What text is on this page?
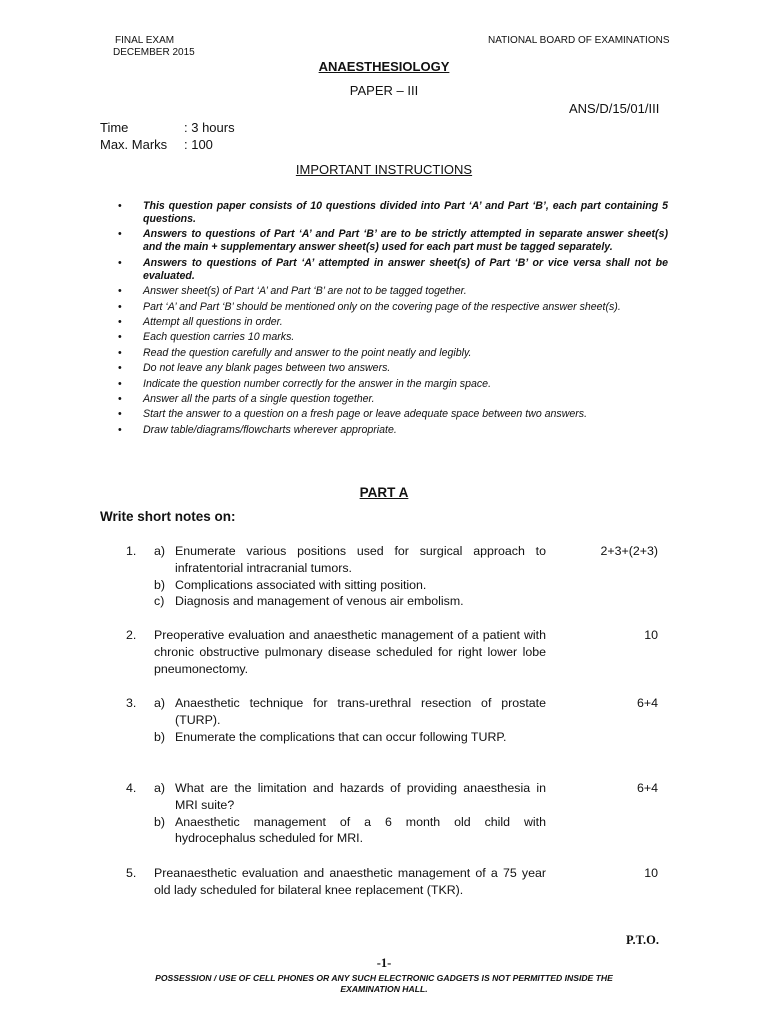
FINAL EXAM
DECEMBER 2015
NATIONAL BOARD OF EXAMINATIONS
ANAESTHESIOLOGY
PAPER – III
ANS/D/15/01/III
Time	: 3 hours
Max. Marks : 100
IMPORTANT INSTRUCTIONS
• This question paper consists of 10 questions divided into Part ‘A’ and Part ‘B’, each part containing 5 questions.
• Answers to questions of Part ‘A’ and Part ‘B’ are to be strictly attempted in separate answer sheet(s) and the main + supplementary answer sheet(s) used for each part must be tagged separately.
• Answers to questions of Part ‘A’ attempted in answer sheet(s) of Part ‘B’ or vice versa shall not be evaluated.
• Answer sheet(s) of Part ‘A’ and Part ‘B’ are not to be tagged together.
• Part ‘A’ and Part ‘B’ should be mentioned only on the covering page of the respective answer sheet(s).
• Attempt all questions in order.
• Each question carries 10 marks.
• Read the question carefully and answer to the point neatly and legibly.
• Do not leave any blank pages between two answers.
• Indicate the question number correctly for the answer in the margin space.
• Answer all the parts of a single question together.
• Start the answer to a question on a fresh page or leave adequate space between two answers.
• Draw table/diagrams/flowcharts wherever appropriate.
PART A
Write short notes on:
1.	a) Enumerate various positions used for surgical approach to infratentorial intracranial tumors.
b) Complications associated with sitting position.
c) Diagnosis and management of venous air embolism.
2+3+(2+3)
2.	Preoperative evaluation and anaesthetic management of a patient with chronic obstructive pulmonary disease scheduled for right lower lobe pneumonectomy.
10
3.	a) Anaesthetic technique for trans-urethral resection of prostate (TURP).
b) Enumerate the complications that can occur following TURP.
6+4
4.	a) What are the limitation and hazards of providing anaesthesia in MRI suite?
b) Anaesthetic management of a 6 month old child with hydrocephalus scheduled for MRI.
6+4
5.	Preanaesthetic evaluation and anaesthetic management of a 75 year old lady scheduled for bilateral knee replacement (TKR).
10
P.T.O.
-1-
POSSESSION / USE OF CELL PHONES OR ANY SUCH ELECTRONIC GADGETS IS NOT PERMITTED INSIDE THE
EXAMINATION HALL.
